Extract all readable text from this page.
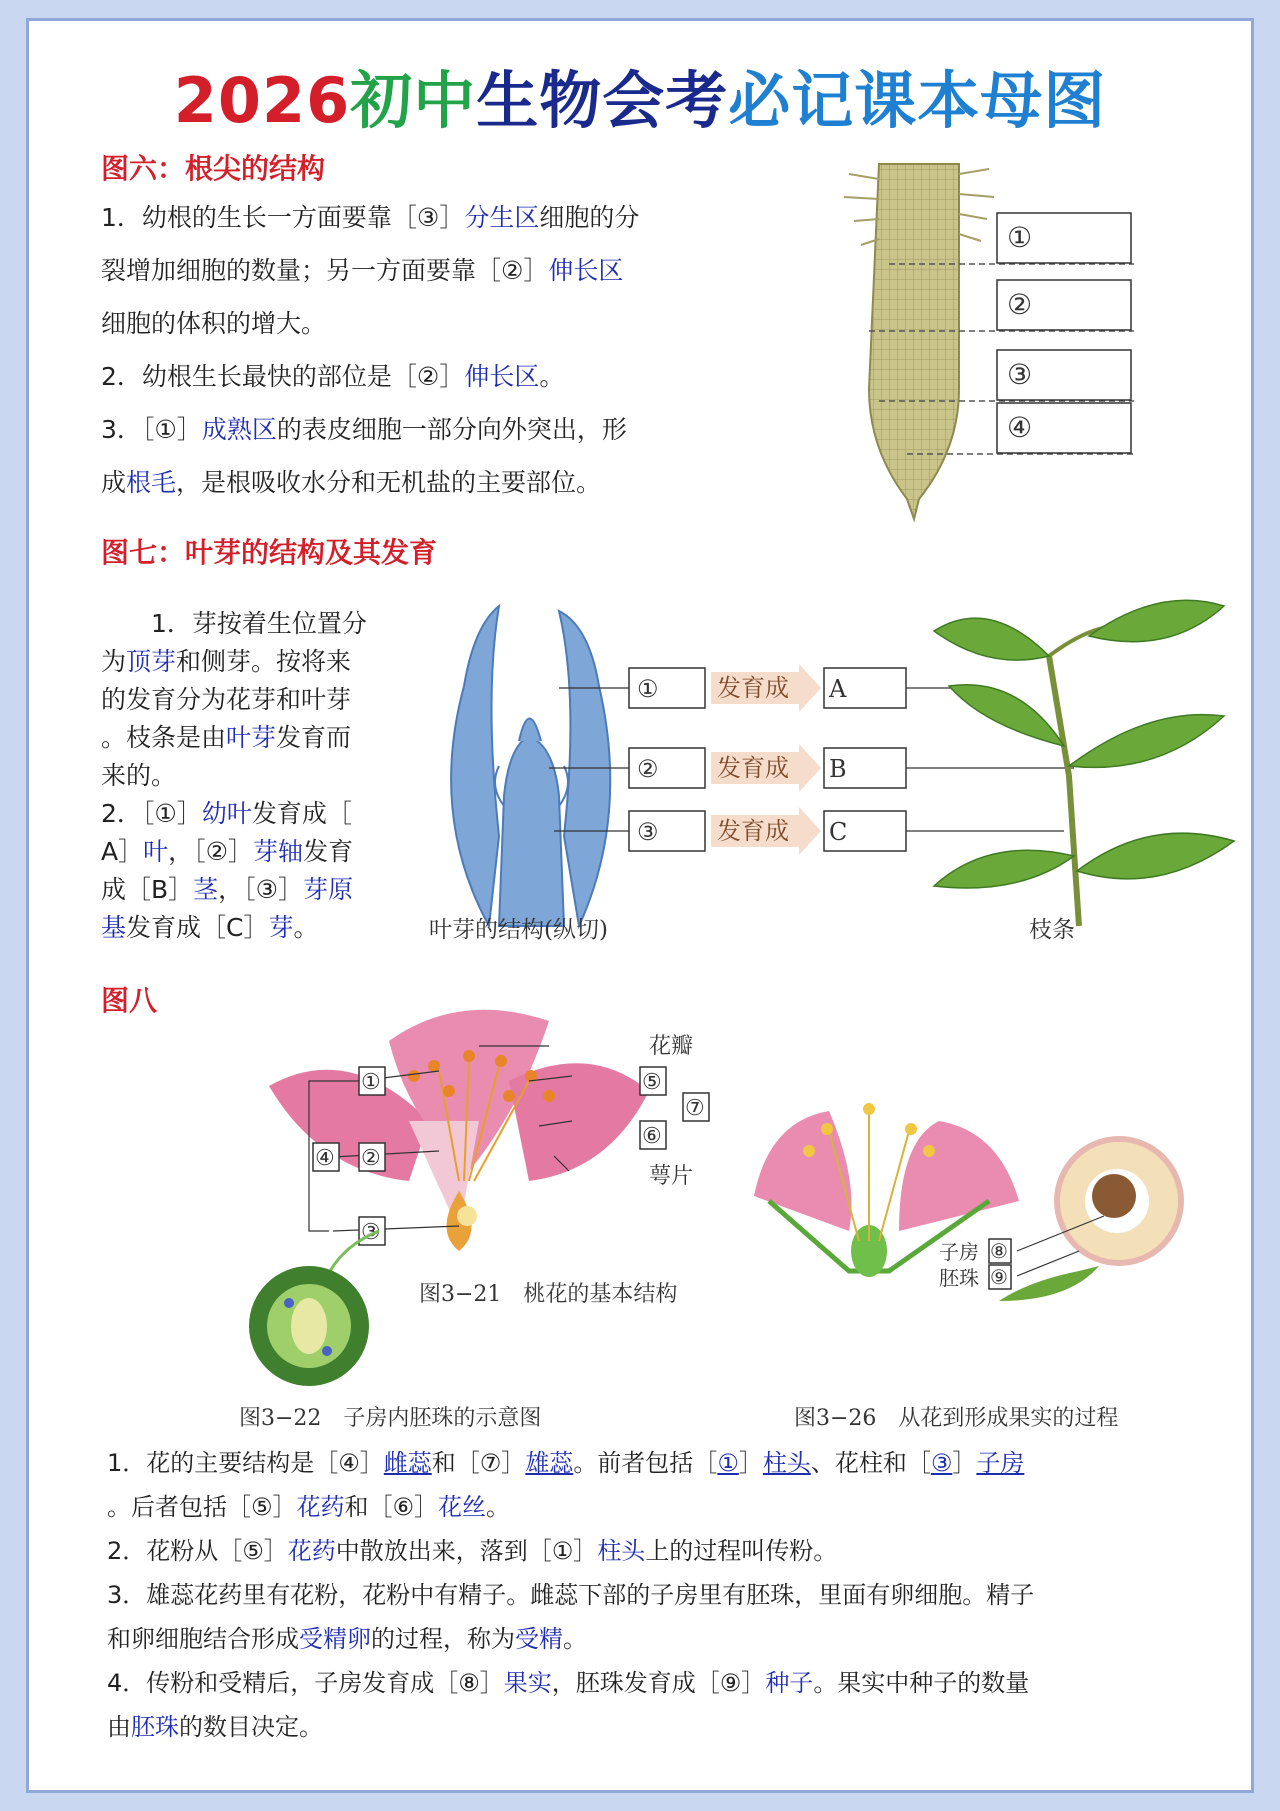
2026初中生物会考必记课本母图
图六：根尖的结构
1．幼根的生长一方面要靠［③］分生区细胞的分
裂增加细胞的数量；另一方面要靠［②］伸长区
细胞的体积的增大。
2．幼根生长最快的部位是［②］伸长区。
3．［①］成熟区的表皮细胞一部分向外突出，形
成根毛，是根吸收水分和无机盐的主要部位。
①
②
③
④
图七：叶芽的结构及其发育
1．芽按着生位置分
为顶芽和侧芽。按将来
的发育分为花芽和叶芽
。枝条是由叶芽发育而
来的。
2．［①］幼叶发育成［
A］叶，［②］芽轴发育
成［B］茎，［③］芽原
基发育成［C］芽。
①
②
③
发育成
发育成
发育成
A
B
C
叶芽的结构(纵切)	枝条
图八
①
②
③
④
⑤
⑥
⑦
花瓣
萼片
图3−21　桃花的基本结构
子房
胚珠
⑧
⑨
图3−22　子房内胚珠的示意图	图3−26　从花到形成果实的过程
1．花的主要结构是［④］雌蕊和［⑦］雄蕊。前者包括［①］柱头、花柱和［③］子房
。后者包括［⑤］花药和［⑥］花丝。
2．花粉从［⑤］花药中散放出来，落到［①］柱头上的过程叫传粉。
3．雄蕊花药里有花粉，花粉中有精子。雌蕊下部的子房里有胚珠，里面有卵细胞。精子
和卵细胞结合形成受精卵的过程，称为受精。
4．传粉和受精后，子房发育成［⑧］果实，胚珠发育成［⑨］种子。果实中种子的数量
由胚珠的数目决定。
